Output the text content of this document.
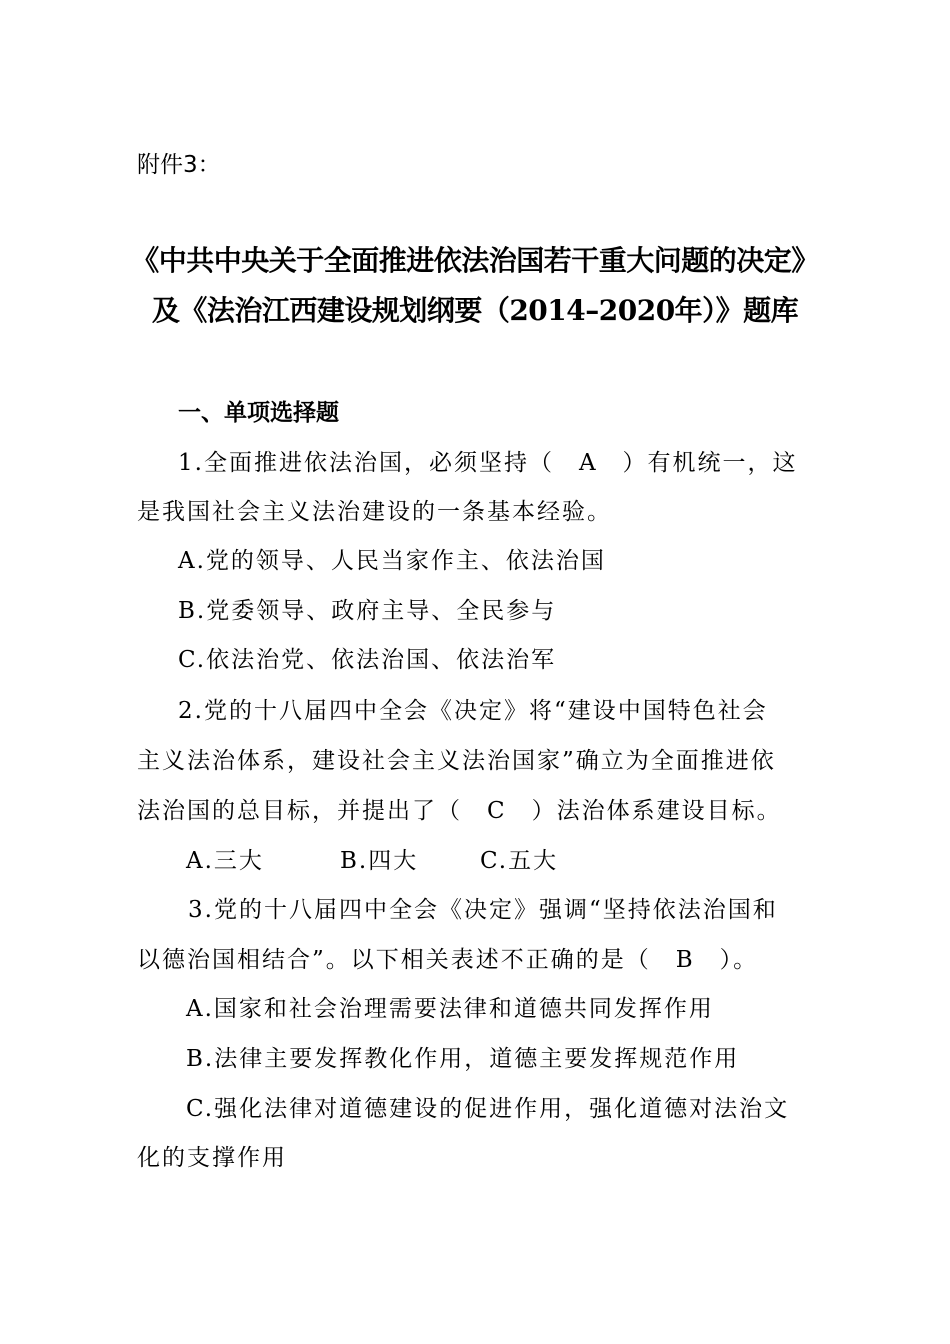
附件3：
《中共中央关于全面推进依法治国若干重大问题的决定》
及《法治江西建设规划纲要（2014–2020年）》题库
一、单项选择题
1.全面推进依法治国，必须坚持（　A　）有机统一，这
是我国社会主义法治建设的一条基本经验。
A.党的领导、人民当家作主、依法治国
B.党委领导、政府主导、全民参与
C.依法治党、依法治国、依法治军
2.党的十八届四中全会《决定》将“建设中国特色社会
主义法治体系，建设社会主义法治国家”确立为全面推进依
法治国的总目标，并提出了（　C　）法治体系建设目标。
A.三大	B.四大	C.五大
3.党的十八届四中全会《决定》强调“坚持依法治国和
以德治国相结合”。以下相关表述不正确的是（　B　）。
A.国家和社会治理需要法律和道德共同发挥作用
B.法律主要发挥教化作用，道德主要发挥规范作用
C.强化法律对道德建设的促进作用，强化道德对法治文
化的支撑作用
